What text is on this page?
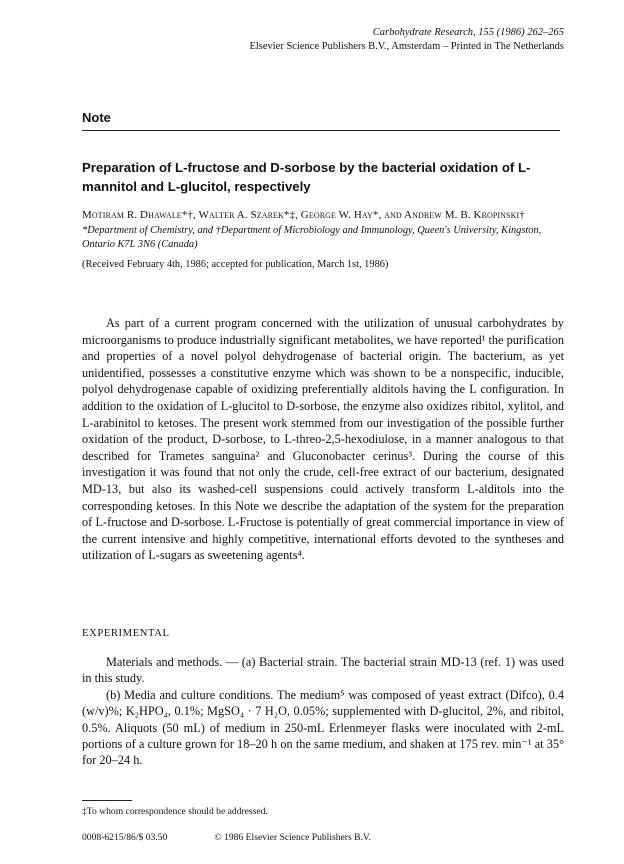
Carbohydrate Research, 155 (1986) 262–265
Elsevier Science Publishers B.V., Amsterdam – Printed in The Netherlands
Note
Preparation of L-fructose and D-sorbose by the bacterial oxidation of L-mannitol and L-glucitol, respectively
Motiram R. Dhawale*†, Walter A. Szarek*‡, George W. Hay*, and Andrew M. B. Kropinski†
*Department of Chemistry, and †Department of Microbiology and Immunology, Queen's University, Kingston, Ontario K7L 3N6 (Canada)
(Received February 4th, 1986; accepted for publication, March 1st, 1986)

As part of a current program concerned with the utilization of unusual carbohydrates by microorganisms to produce industrially significant metabolites, we have reported¹ the purification and properties of a novel polyol dehydrogenase of bacterial origin. The bacterium, as yet unidentified, possesses a constitutive enzyme which was shown to be a nonspecific, inducible, polyol dehydrogenase capable of oxidizing preferentially alditols having the L configuration. In addition to the oxidation of L-glucitol to D-sorbose, the enzyme also oxidizes ribitol, xylitol, and L-arabinitol to ketoses. The present work stemmed from our investigation of the possible further oxidation of the product, D-sorbose, to L-threo-2,5-hexodiulose, in a manner analogous to that described for Trametes sanguina² and Gluconobacter cerinus³. During the course of this investigation it was found that not only the crude, cell-free extract of our bacterium, designated MD-13, but also its washed-cell suspensions could actively transform L-alditols into the corresponding ketoses. In this Note we describe the adaptation of the system for the preparation of L-fructose and D-sorbose. L-Fructose is potentially of great commercial importance in view of the current intensive and highly competitive, international efforts devoted to the syntheses and utilization of L-sugars as sweetening agents⁴.

EXPERIMENTAL

Materials and methods. — (a) Bacterial strain. The bacterial strain MD-13 (ref. 1) was used in this study.

(b) Media and culture conditions. The medium⁵ was composed of yeast extract (Difco), 0.4 (w/v)%; K₂HPO₄, 0.1%; MgSO₄ · 7 H₂O, 0.05%; supplemented with D-glucitol, 2%, and ribitol, 0.5%. Aliquots (50 mL) of medium in 250-mL Erlenmeyer flasks were inoculated with 2-mL portions of a culture grown for 18–20 h on the same medium, and shaken at 175 rev. min⁻¹ at 35° for 20–24 h.

‡To whom correspondence should be addressed.
0008-6215/86/$ 03.50	© 1986 Elsevier Science Publishers B.V.
